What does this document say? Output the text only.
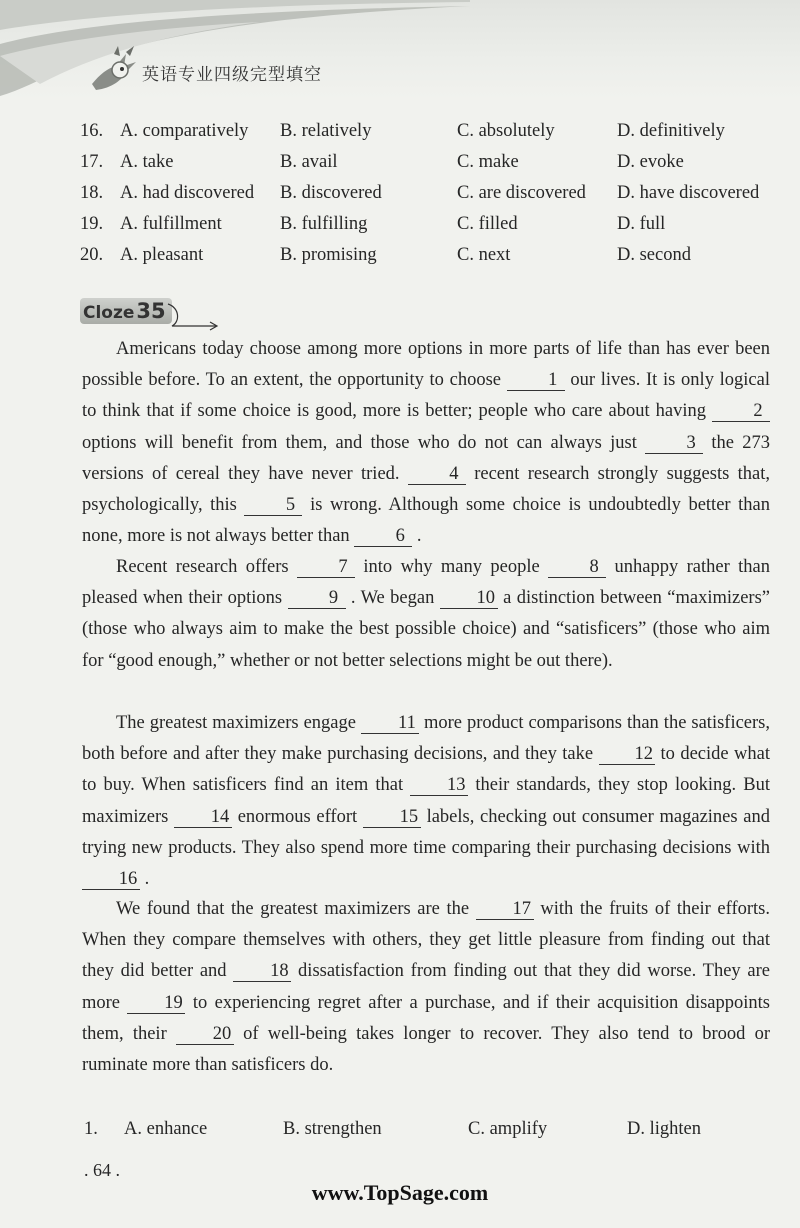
英语专业四级完型填空
16. A. comparatively B. relatively	C. absolutely	D. definitively
17. A. take	B. avail	C. make	D. evoke
18. A. had discovered B. discovered	C. are discovered D. have discovered
19. A. fulfillment	B. fulfilling	C. filled	D. full
20. A. pleasant	B. promising	C. next	D. second
Cloze 35

Americans today choose among more options in more parts of life than has ever been possible before. To an extent, the opportunity to choose 1 our lives. It is only logical to think that if some choice is good, more is better; people who care about having 2 options will benefit from them, and those who do not can always just 3 the 273 versions of cereal they have never tried. 4 recent research strongly suggests that, psychologically, this 5 is wrong. Although some choice is undoubtedly better than none, more is not always better than 6 .

Recent research offers 7 into why many people 8 unhappy rather than pleased when their options 9 . We began 10 a distinction between “maximizers” (those who always aim to make the best possible choice) and “satisficers” (those who aim for “good enough,” whether or not better selections might be out there).

The greatest maximizers engage 11 more product comparisons than the satisficers, both before and after they make purchasing decisions, and they take 12 to decide what to buy. When satisficers find an item that 13 their standards, they stop looking. But maximizers 14 enormous effort 15 labels, checking out consumer magazines and trying new products. They also spend more time comparing their purchasing decisions with 16 .

We found that the greatest maximizers are the 17 with the fruits of their efforts. When they compare themselves with others, they get little pleasure from finding out that they did better and 18 dissatisfaction from finding out that they did worse. They are more 19 to experiencing regret after a purchase, and if their acquisition disappoints them, their 20 of well-being takes longer to recover. They also tend to brood or ruminate more than satisficers do.

1. A. enhance	B. strengthen	C. amplify	D. lighten
. 64 .
www.TopSage.com
